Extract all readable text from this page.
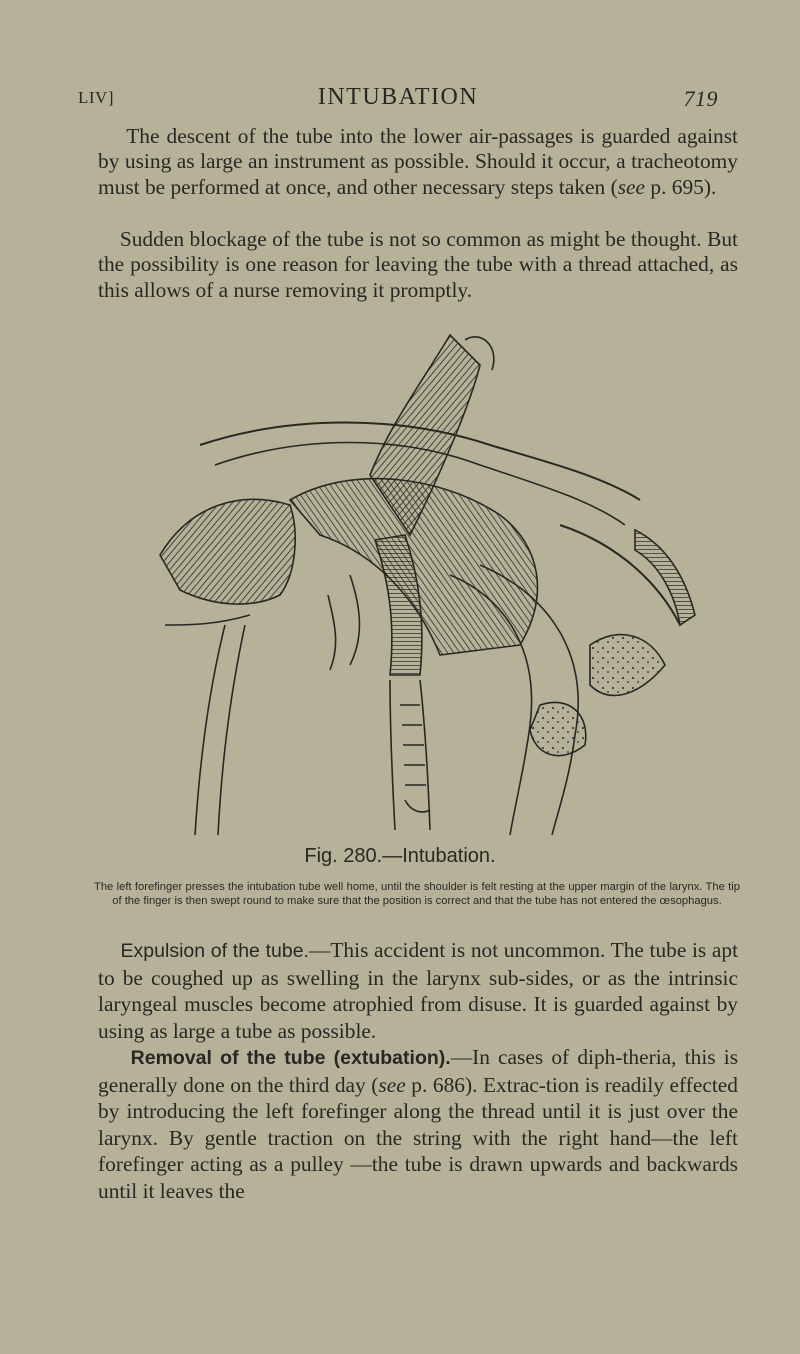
LIV]	INTUBATION	719
The descent of the tube into the lower air-passages is guarded against by using as large an instrument as possible. Should it occur, a tracheotomy must be performed at once, and other necessary steps taken (see p. 695).
Sudden blockage of the tube is not so common as might be thought. But the possibility is one reason for leaving the tube with a thread attached, as this allows of a nurse removing it promptly.
Fig. 280.—Intubation.
The left forefinger presses the intubation tube well home, until the shoulder is felt resting at the upper margin of the larynx. The tip of the finger is then swept round to make sure that the position is correct and that the tube has not entered the œsophagus.
Expulsion of the tube.—This accident is not uncommon. The tube is apt to be coughed up as swelling in the larynx sub-sides, or as the intrinsic laryngeal muscles become atrophied from disuse. It is guarded against by using as large a tube as possible.
Removal of the tube (extubation).—In cases of diph-theria, this is generally done on the third day (see p. 686). Extrac-tion is readily effected by introducing the left forefinger along the thread until it is just over the larynx. By gentle traction on the string with the right hand—the left forefinger acting as a pulley —the tube is drawn upwards and backwards until it leaves the
